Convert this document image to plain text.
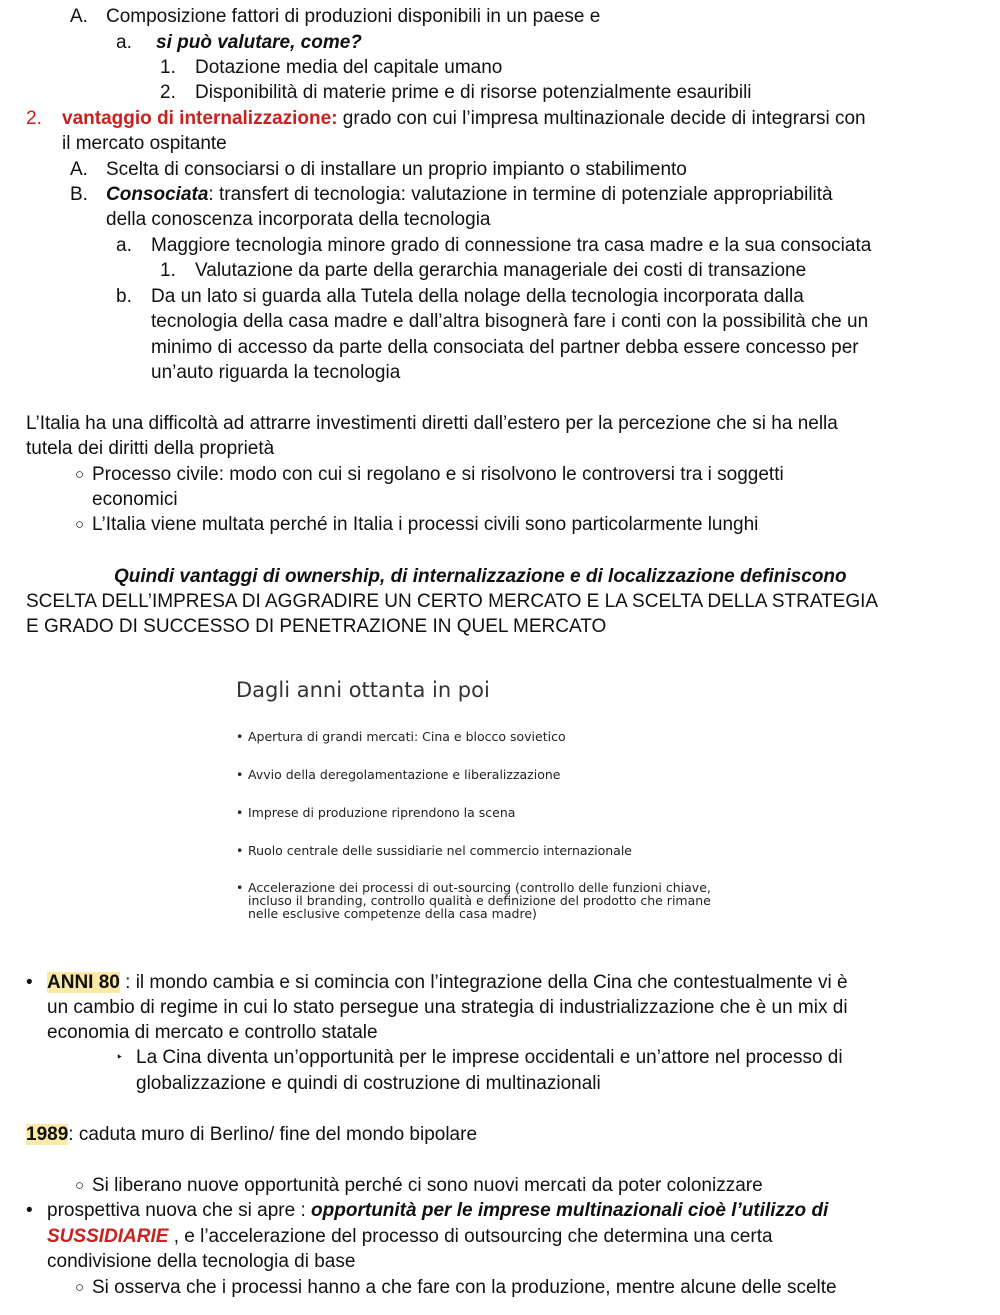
A. Composizione fattori di produzioni disponibili in un paese e
a. si può valutare, come?
1. Dotazione media del capitale umano
2. Disponibilità di materie prime e di risorse potenzialmente esauribili
2. vantaggio di internalizzazione: grado con cui l’impresa multinazionale decide di integrarsi con
il mercato ospitante
A. Scelta di consociarsi o di installare un proprio impianto o stabilimento
B. Consociata: transfert di tecnologia: valutazione in termine di potenziale appropriabilità
della conoscenza incorporata della tecnologia
a. Maggiore tecnologia minore grado di connessione tra casa madre e la sua consociata
1. Valutazione da parte della gerarchia manageriale dei costi di transazione
b. Da un lato si guarda alla Tutela della nolage della tecnologia incorporata dalla
tecnologia della casa madre e dall’altra bisognerà fare i conti con la possibilità che un
minimo di accesso da parte della consociata del partner debba essere concesso per
un’auto riguarda la tecnologia
L’Italia ha una difficoltà ad attrarre investimenti diretti dall’estero per la percezione che si ha nella
tutela dei diritti della proprietà
○ Processo civile: modo con cui si regolano e si risolvono le controversi tra i soggetti
economici
○ L’Italia viene multata perché in Italia i processi civili sono particolarmente lunghi
Quindi vantaggi di ownership, di internalizzazione e di localizzazione definiscono
SCELTA DELL’IMPRESA DI AGGRADIRE UN CERTO MERCATO E LA SCELTA DELLA STRATEGIA
E GRADO DI SUCCESSO DI PENETRAZIONE IN QUEL MERCATO
Dagli anni ottanta in poi
• Apertura di grandi mercati: Cina e blocco sovietico
• Avvio della deregolamentazione e liberalizzazione
• Imprese di produzione riprendono la scena
• Ruolo centrale delle sussidiarie nel commercio internazionale
• Accelerazione dei processi di out-sourcing (controllo delle funzioni chiave,
incluso il branding, controllo qualità e definizione del prodotto che rimane
nelle esclusive competenze della casa madre)
• ANNI 80 : il mondo cambia e si comincia con l’integrazione della Cina che contestualmente vi è
un cambio di regime in cui lo stato persegue una strategia di industrializzazione che è un mix di
economia di mercato e controllo statale
‣ La Cina diventa un’opportunità per le imprese occidentali e un’attore nel processo di
globalizzazione e quindi di costruzione di multinazionali
1989: caduta muro di Berlino/ fine del mondo bipolare
○ Si liberano nuove opportunità perché ci sono nuovi mercati da poter colonizzare
• prospettiva nuova che si apre : opportunità per le imprese multinazionali cioè l’utilizzo di
SUSSIDIARIE , e l’accelerazione del processo di outsourcing che determina una certa
condivisione della tecnologia di base
○ Si osserva che i processi hanno a che fare con la produzione, mentre alcune delle scelte
